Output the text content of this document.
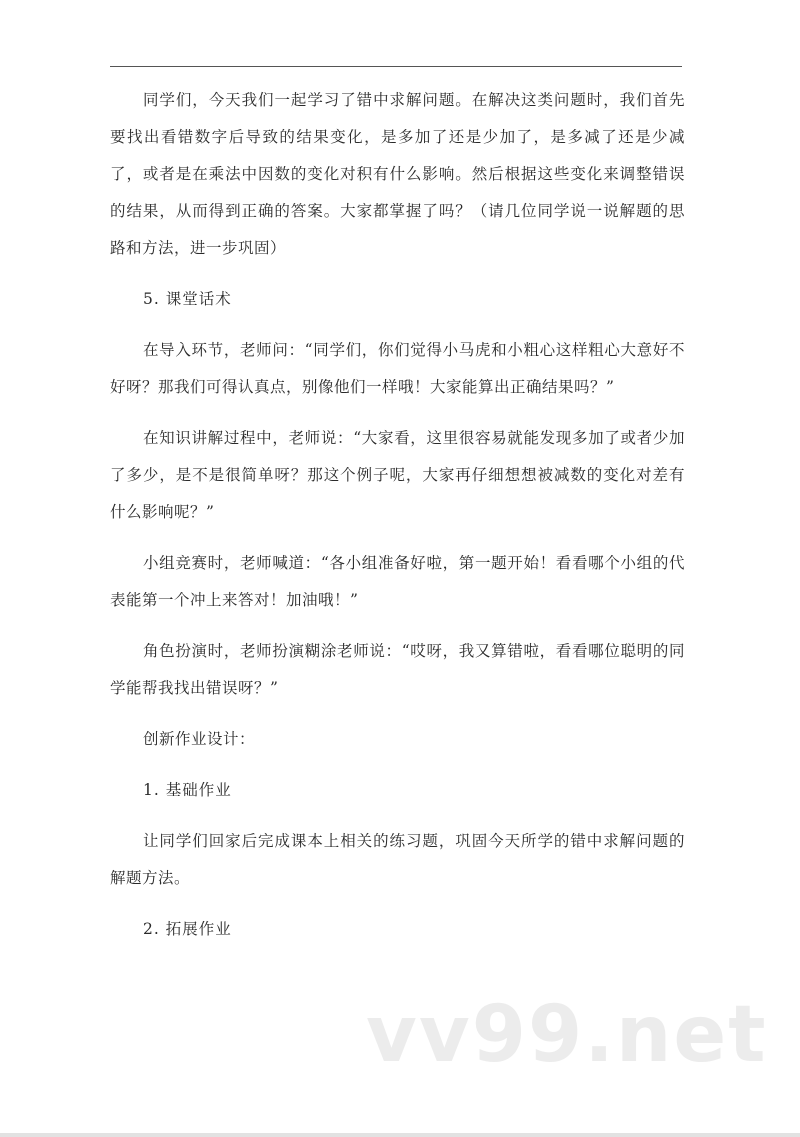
同学们，今天我们一起学习了错中求解问题。在解决这类问题时，我们首先要找出看错数字后导致的结果变化，是多加了还是少加了，是多减了还是少减了，或者是在乘法中因数的变化对积有什么影响。然后根据这些变化来调整错误的结果，从而得到正确的答案。大家都掌握了吗？（请几位同学说一说解题的思路和方法，进一步巩固）

5. 课堂话术

在导入环节，老师问：“同学们，你们觉得小马虎和小粗心这样粗心大意好不好呀？那我们可得认真点，别像他们一样哦！大家能算出正确结果吗？”

在知识讲解过程中，老师说：“大家看，这里很容易就能发现多加了或者少加了多少，是不是很简单呀？那这个例子呢，大家再仔细想想被减数的变化对差有什么影响呢？”

小组竞赛时，老师喊道：“各小组准备好啦，第一题开始！看看哪个小组的代表能第一个冲上来答对！加油哦！”

角色扮演时，老师扮演糊涂老师说：“哎呀，我又算错啦，看看哪位聪明的同学能帮我找出错误呀？”

创新作业设计：

1. 基础作业

让同学们回家后完成课本上相关的练习题，巩固今天所学的错中求解问题的解题方法。

2. 拓展作业

vv99.net
